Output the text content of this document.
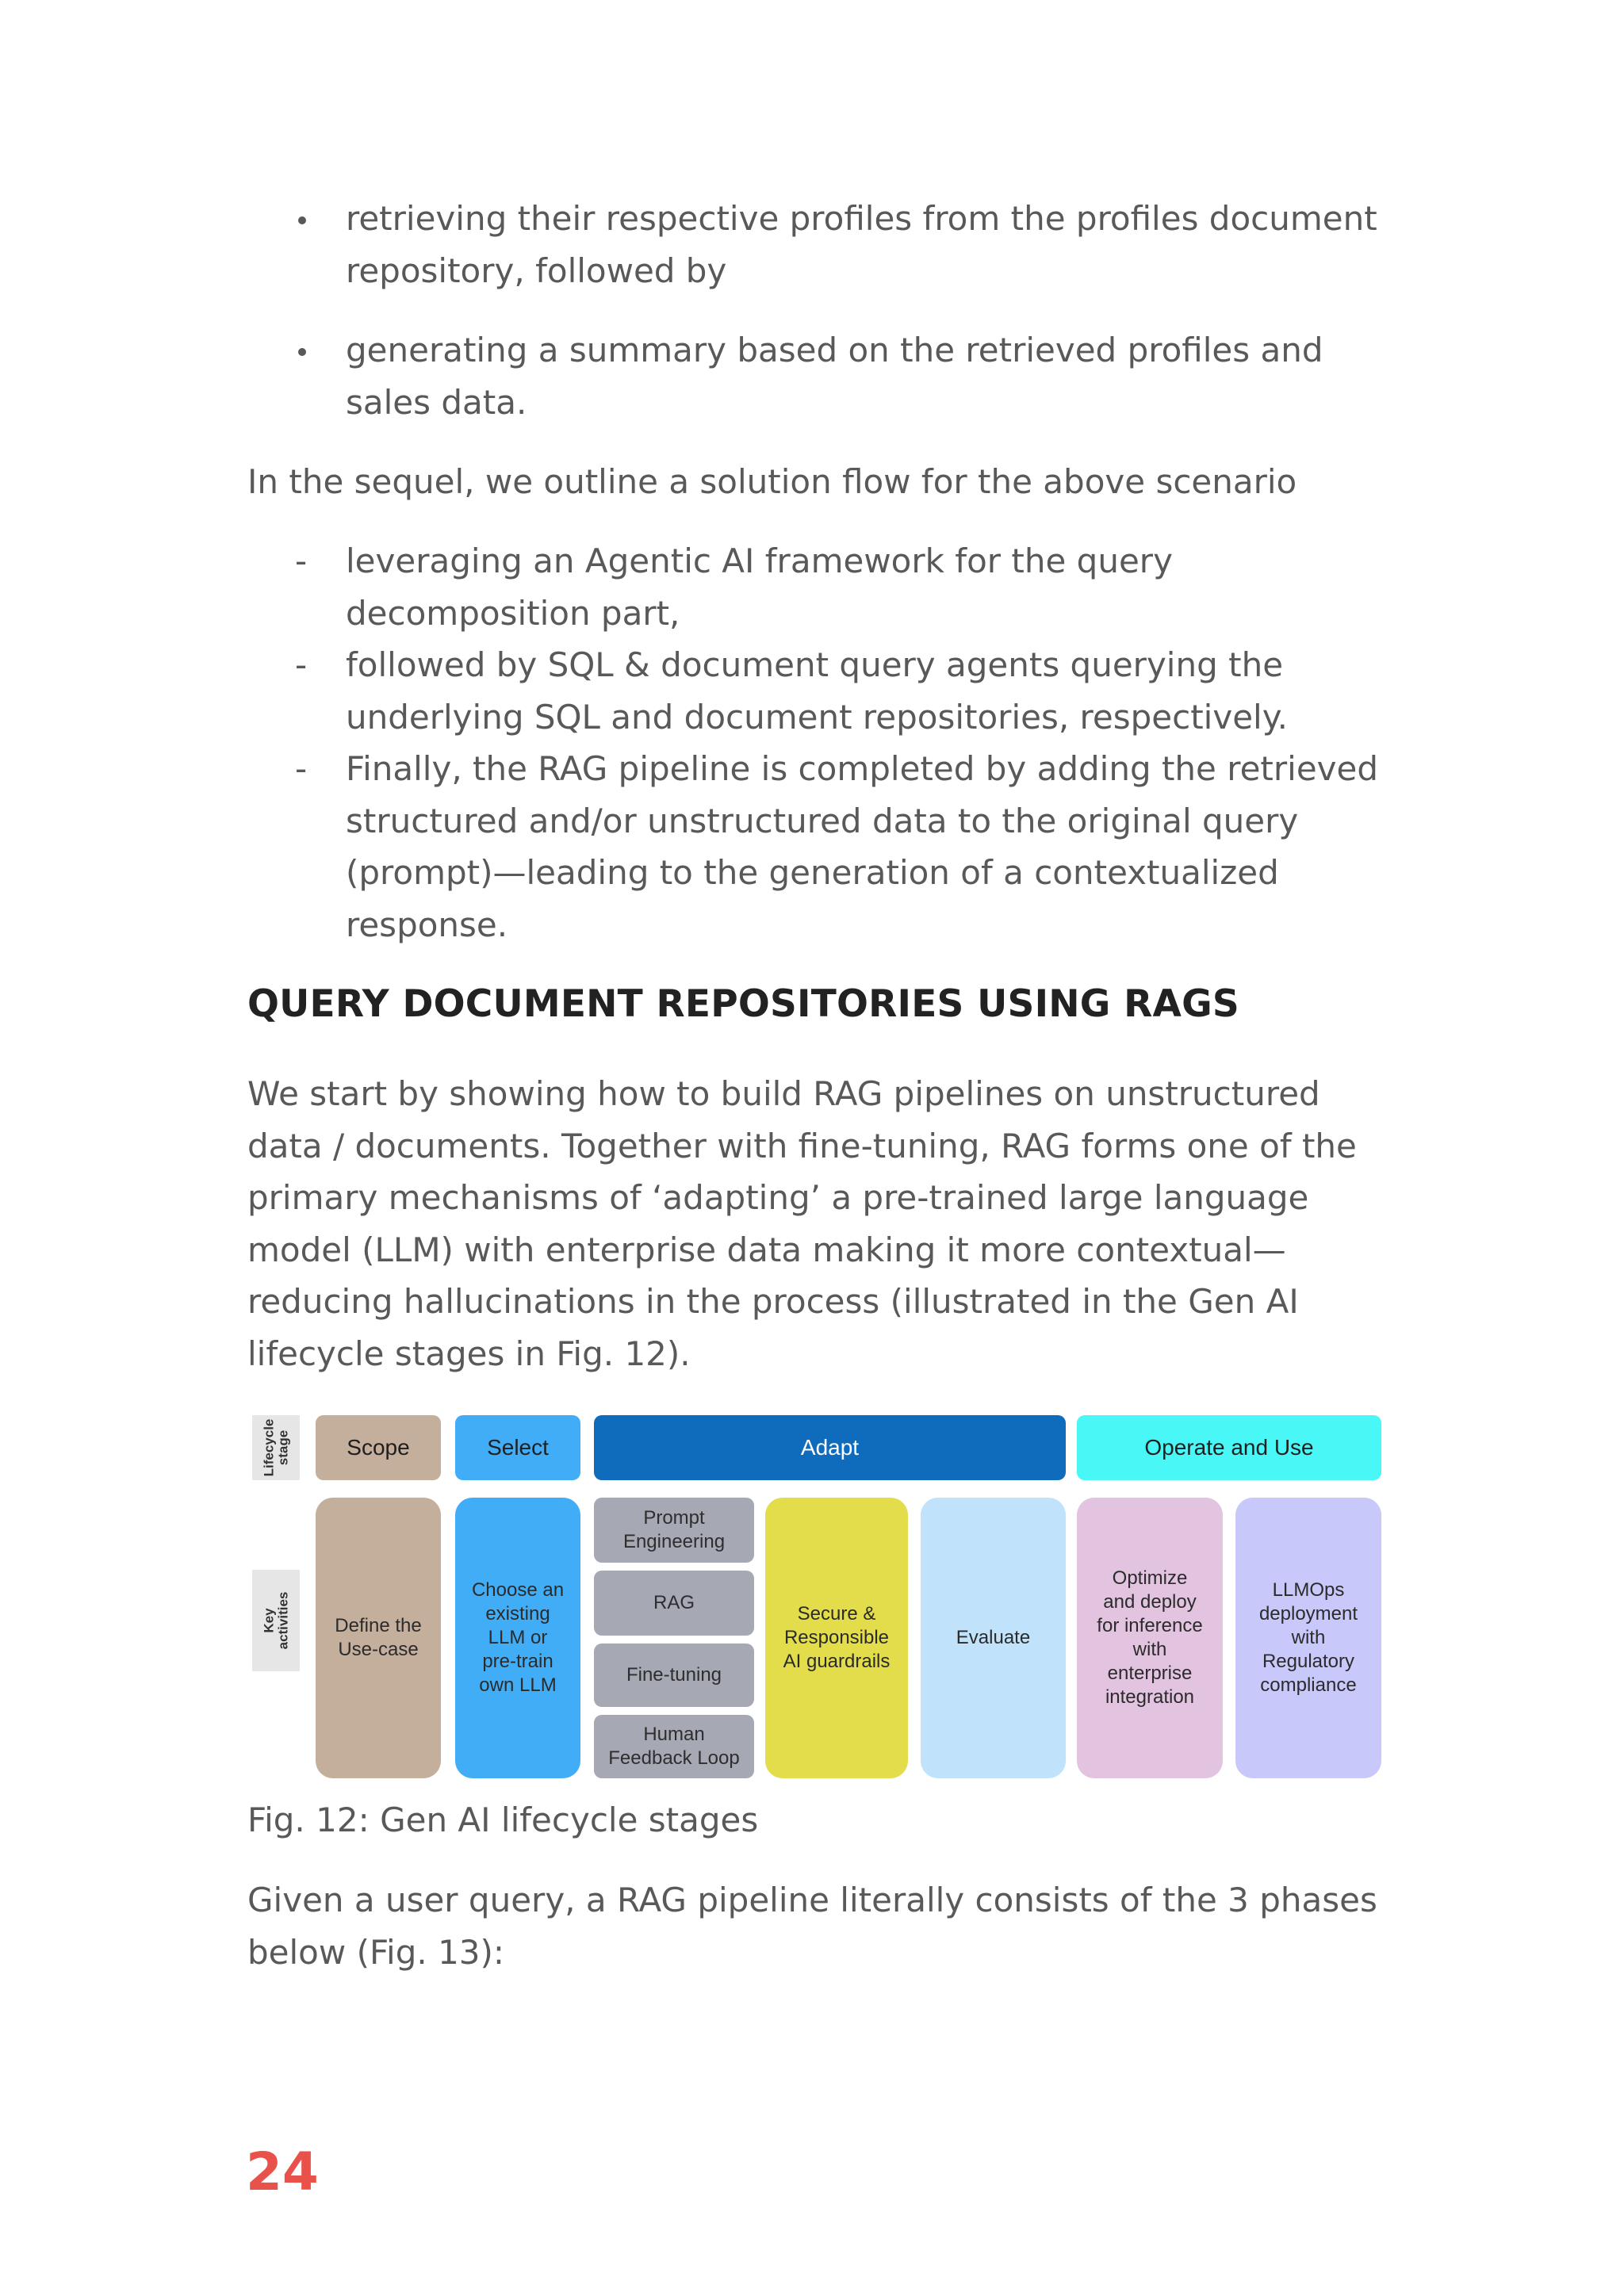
retrieving their respective profiles from the profiles document repository, followed by
generating a summary based on the retrieved profiles and sales data.

In the sequel, we outline a solution flow for the above scenario

- leveraging an Agentic AI framework for the query decomposition part,
- followed by SQL & document query agents querying the underlying SQL and document repositories, respectively.
- Finally, the RAG pipeline is completed by adding the retrieved structured and/or unstructured data to the original query (prompt)—leading to the generation of a contextualized response.
QUERY DOCUMENT REPOSITORIES USING RAGS

We start by showing how to build RAG pipelines on unstructured data / documents. Together with fine-tuning, RAG forms one of the primary mechanisms of ‘adapting’ a pre-trained large language model (LLM) with enterprise data making it more contextual— reducing hallucinations in the process (illustrated in the Gen AI lifecycle stages in Fig. 12).

Lifecycle
stage
Key
activities
Scope	Select	Adapt	Operate and Use
Define the
Use-case
Choose an
existing
LLM or
pre-train
own LLM
Prompt
Engineering
RAG
Fine-tuning
Human
Feedback Loop
Secure &
Responsible
AI guardrails
Evaluate
Optimize
and deploy
for inference
with
enterprise
integration
LLMOps
deployment
with
Regulatory
compliance

Fig. 12: Gen AI lifecycle stages

Given a user query, a RAG pipeline literally consists of the 3 phases below (Fig. 13):

24
